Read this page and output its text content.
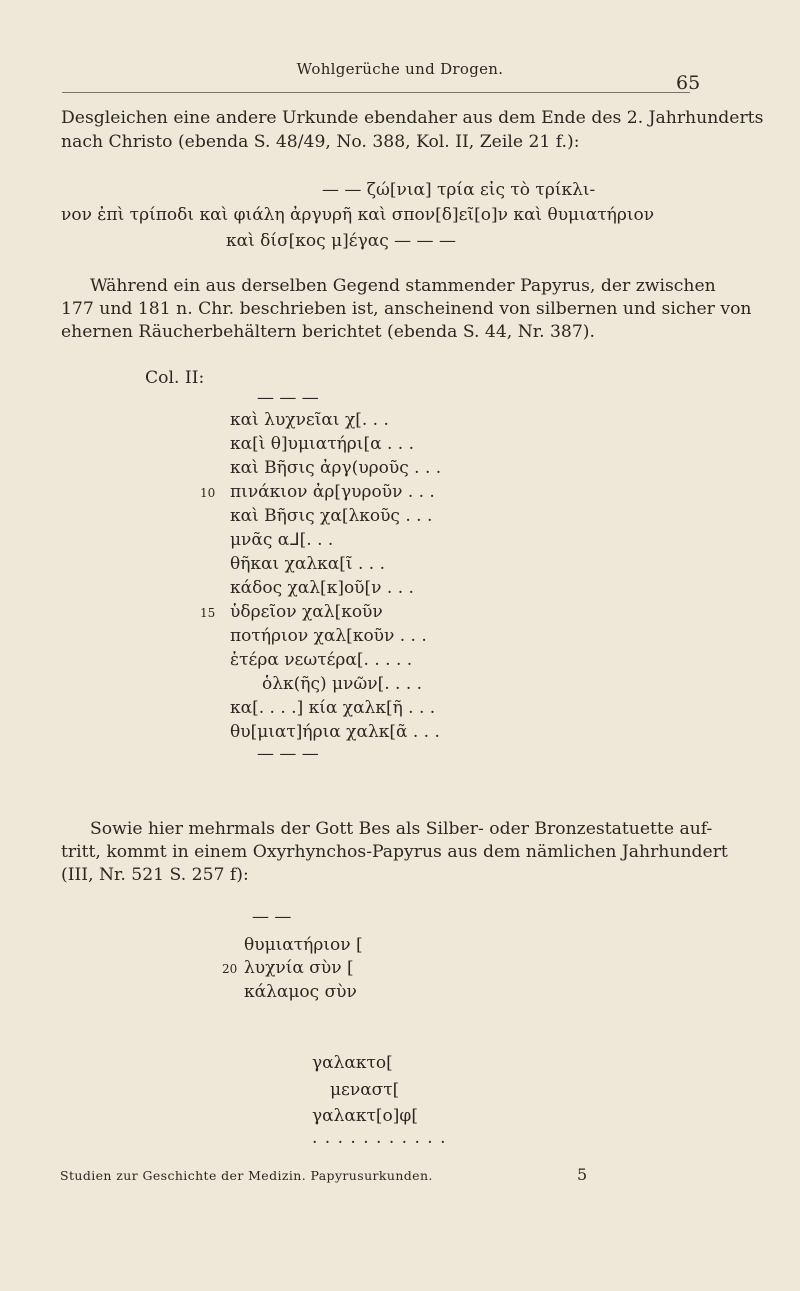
Wohlgerüche und Drogen.
65
Desgleichen eine andere Urkunde ebendaher aus dem Ende des 2. Jahrhunderts
nach Christo (ebenda S. 48/49, No. 388, Kol. II, Zeile 21 f.):
— — ζώ[νια] τρία εἰς τὸ τρίκλι-
νον ἐπὶ τρίποδι καὶ φιάλη ἀργυρῆ καὶ σπον[δ]εῖ[ο]ν καὶ θυμιατήριον
καὶ δίσ[κος μ]έγας — — —
Während ein aus derselben Gegend stammender Papyrus, der zwischen
177 und 181 n. Chr. beschrieben ist, anscheinend von silbernen und sicher von
ehernen Räucherbehältern berichtet (ebenda S. 44, Nr. 387).
Col. II:
— — —
καὶ λυχνεῖαι χ[. . .
κα[ὶ θ]υμιατήρι[α . . .
καὶ Βῆσις ἀργ(υροῦς . . .
10 πινάκιον ἀρ[γυροῦν . . .
καὶ Βῆσις χα[λκοῦς . . .
μνᾶς αᒧ[. . .
θῆκαι χαλκα[ῖ . . .
κάδος χαλ[κ]οῦ[ν . . .
15 ὑδρεῖον χαλ[κοῦν
ποτήριον χαλ[κοῦν . . .
ἑτέρα νεωτέρα[. . . . .
ὁλκ(ῆς) μνῶν[. . . .
κα[. . . .] κία χαλκ[ῆ . . .
θυ[μιατ]ήρια χαλκ[ᾶ . . .
— — —
Sowie hier mehrmals der Gott Bes als Silber- oder Bronzestatuette auf-
tritt, kommt in einem Oxyrhynchos-Papyrus aus dem nämlichen Jahrhundert
(III, Nr. 521 S. 257 f):
— —
θυμιατήριον [
20 λυχνία σὺν [
κάλαμος σὺν
γαλακτο[
μεναστ[
γαλακτ[ο]φ[
. . . . . . . . . . .
Studien zur Geschichte der Medizin. Papyrusurkunden.	5
